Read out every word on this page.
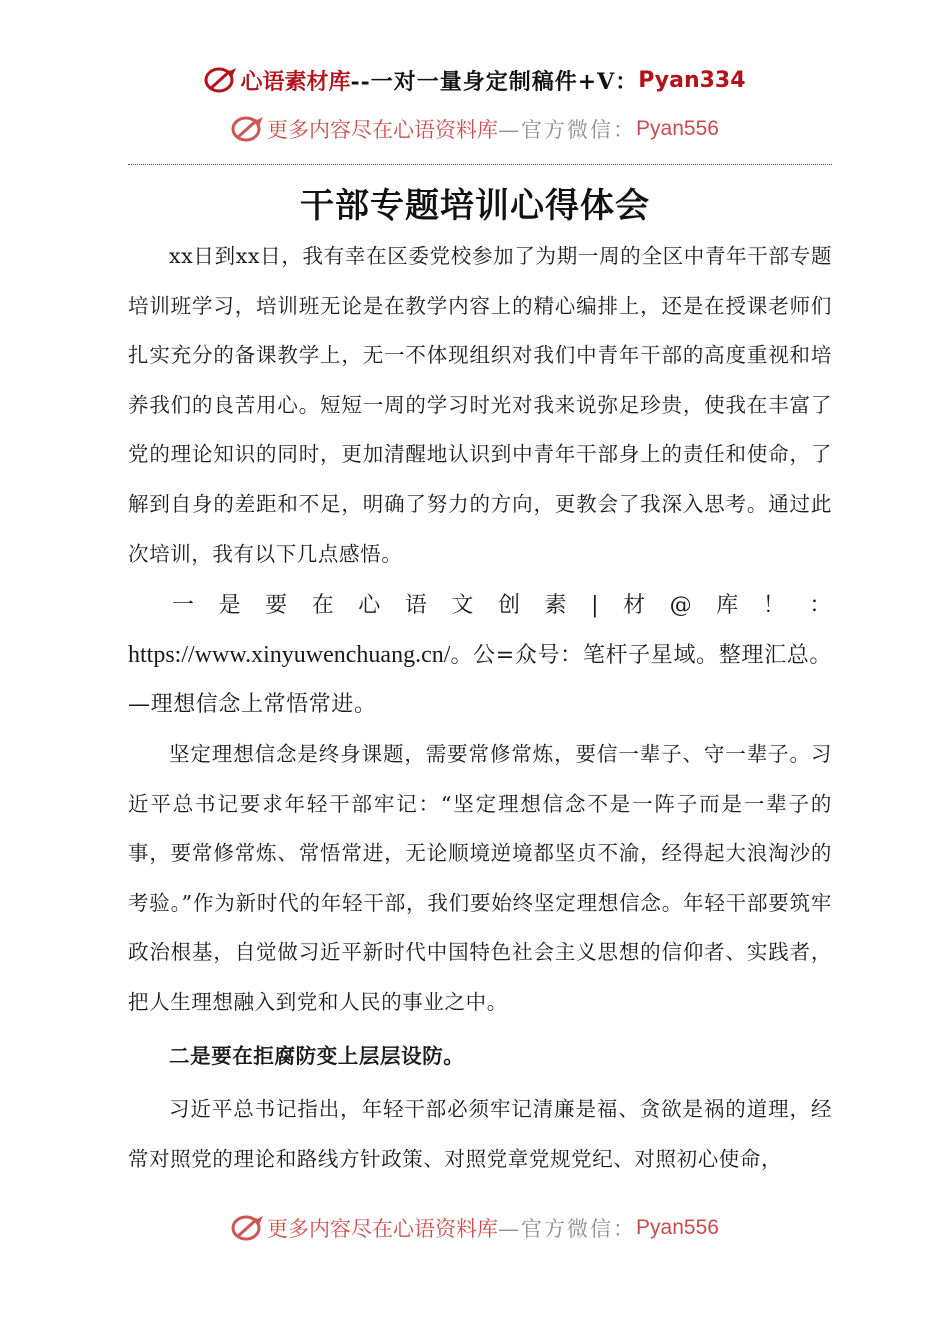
心语素材库 --一对一量身定制稿件+V： Pyan334
更多内容尽在心语资料库 —官方微信： Pyan556
干部专题培训心得体会

xx日到xx日，我有幸在区委党校参加了为期一周的全区中青年干部专题培训班学习，培训班无论是在教学内容上的精心编排上，还是在授课老师们扎实充分的备课教学上，无一不体现组织对我们中青年干部的高度重视和培养我们的良苦用心。短短一周的学习时光对我来说弥足珍贵，使我在丰富了党的理论知识的同时，更加清醒地认识到中青年干部身上的责任和使命，了解到自身的差距和不足，明确了努力的方向，更教会了我深入思考。通过此次培训，我有以下几点感悟。

一是要在心语文创素|材@库！：https://www.xinyuwenchuang.cn/。公=众号：笔杆子星域。整理汇总。—理想信念上常悟常进。

坚定理想信念是终身课题，需要常修常炼，要信一辈子、守一辈子。习近平总书记要求年轻干部牢记：“坚定理想信念不是一阵子而是一辈子的事，要常修常炼、常悟常进，无论顺境逆境都坚贞不渝，经得起大浪淘沙的考验。”作为新时代的年轻干部，我们要始终坚定理想信念。年轻干部要筑牢政治根基，自觉做习近平新时代中国特色社会主义思想的信仰者、实践者，把人生理想融入到党和人民的事业之中。

二是要在拒腐防变上层层设防。

习近平总书记指出，年轻干部必须牢记清廉是福、贪欲是祸的道理，经常对照党的理论和路线方针政策、对照党章党规党纪、对照初心使命，

更多内容尽在心语资料库 —官方微信： Pyan556
